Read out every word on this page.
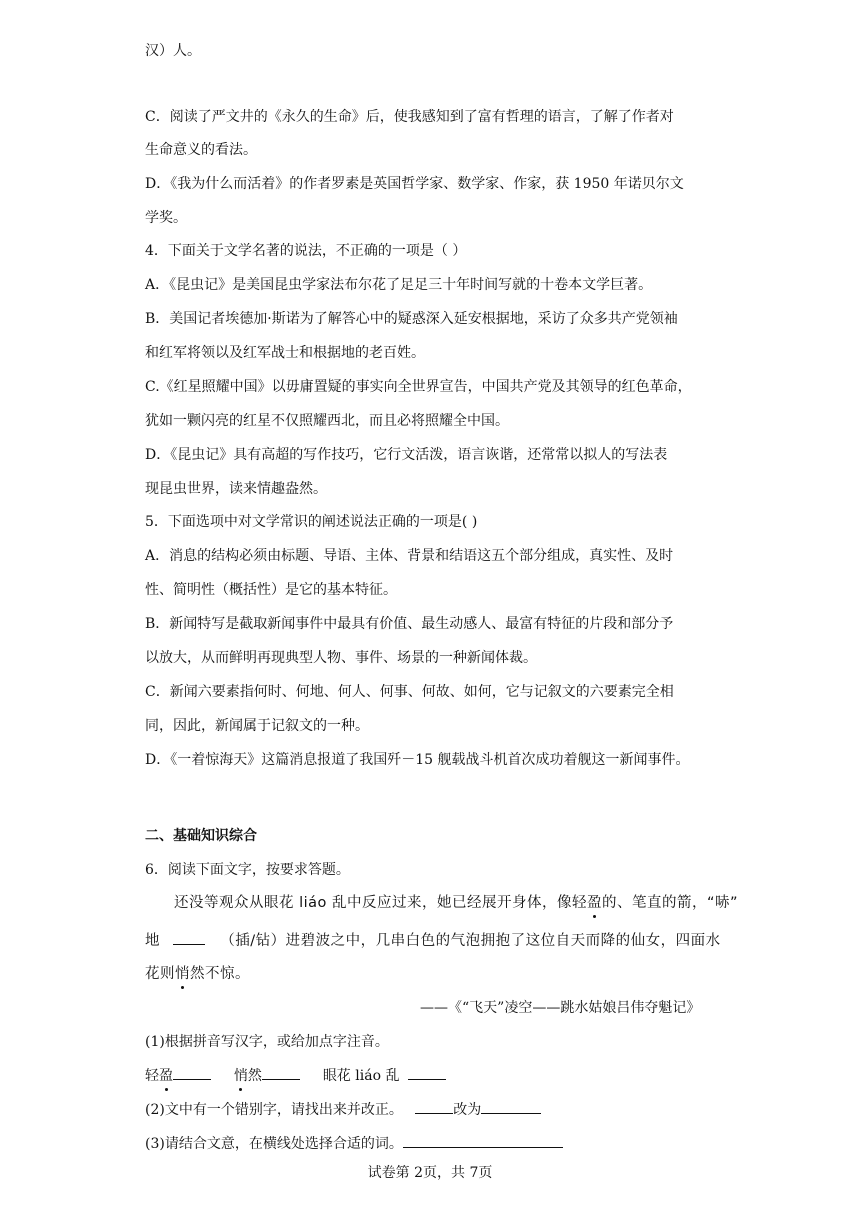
汉）人。
C．阅读了严文井的《永久的生命》后，使我感知到了富有哲理的语言，了解了作者对
生命意义的看法。
D．《我为什么而活着》的作者罗素是英国哲学家、数学家、作家，获 1950 年诺贝尔文
学奖。
4．下面关于文学名著的说法，不正确的一项是（ ）
A．《昆虫记》是美国昆虫学家法布尔花了足足三十年时间写就的十卷本文学巨著。
B．美国记者埃德加·斯诺为了解答心中的疑惑深入延安根据地，采访了众多共产党领袖
和红军将领以及红军战士和根据地的老百姓。
C.《红星照耀中国》以毋庸置疑的事实向全世界宣告，中国共产党及其领导的红色革命，
犹如一颗闪亮的红星不仅照耀西北，而且必将照耀全中国。
D．《昆虫记》具有高超的写作技巧，它行文活泼，语言诙谐，还常常以拟人的写法表
现昆虫世界，读来情趣盎然。
5．下面选项中对文学常识的阐述说法正确的一项是( )
A．消息的结构必须由标题、导语、主体、背景和结语这五个部分组成，真实性、及时
性、简明性（概括性）是它的基本特征。
B．新闻特写是截取新闻事件中最具有价值、最生动感人、最富有特征的片段和部分予
以放大，从而鲜明再现典型人物、事件、场景的一种新闻体裁。
C．新闻六要素指何时、何地、何人、何事、何故、如何，它与记叙文的六要素完全相
同，因此，新闻属于记叙文的一种。
D．《一着惊海天》这篇消息报道了我国歼－15 舰载战斗机首次成功着舰这一新闻事件。
二、基础知识综合
6．阅读下面文字，按要求答题。
还没等观众从眼花 liáo 乱中反应过来，她已经展开身体，像轻盈的、笔直的箭，“哧”
地	（插/钻）进碧波之中，几串白色的气泡拥抱了这位自天而降的仙女，四面水
花则悄然不惊。
——《“飞天”凌空——跳水姑娘吕伟夺魁记》
(1)根据拼音写汉字，或给加点字注音。
轻盈	悄然	眼花 liáo 乱
(2)文中有一个错别字，请找出来并改正。	改为
(3)请结合文意，在横线处选择合适的词。
试卷第 2页，共 7页
